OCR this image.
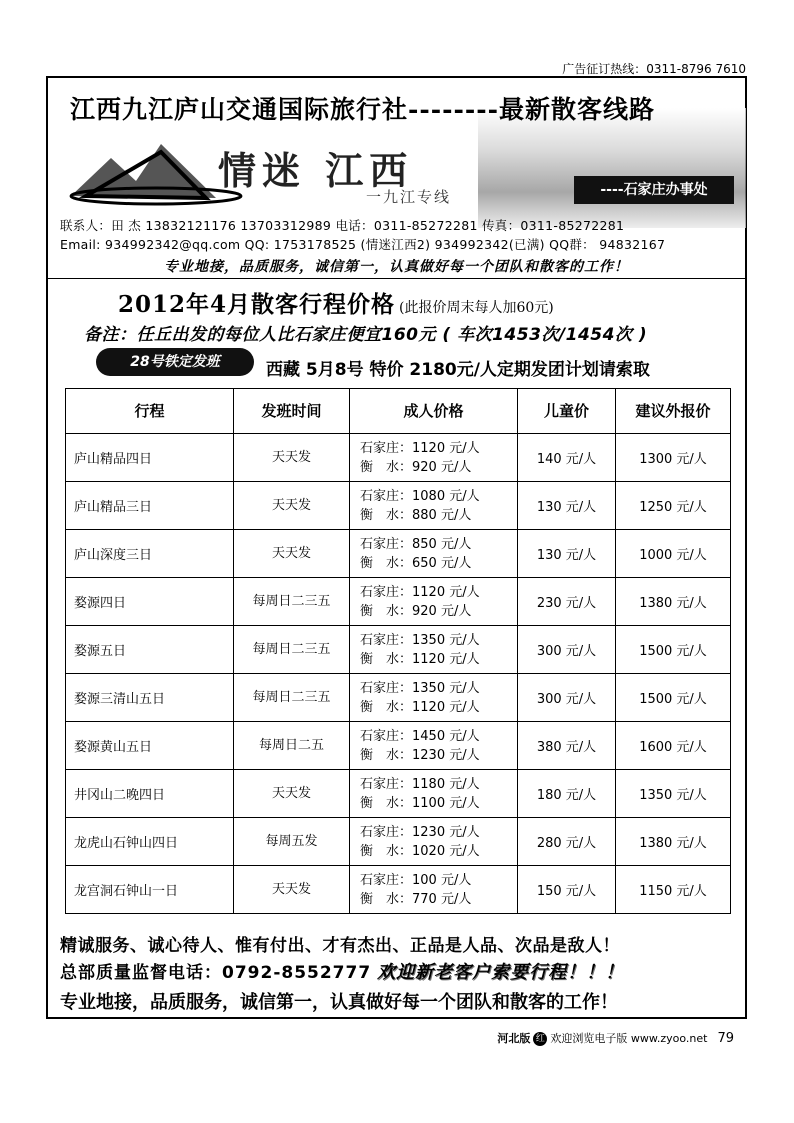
广告征订热线：0311-8796 7610
江西九江庐山交通国际旅行社--------最新散客线路
情迷 江西
一九江专线	----石家庄办事处
联系人：田 杰 13832121176 13703312989 电话：0311-85272281 传真：0311-85272281
Email: 934992342@qq.com QQ: 1753178525 (情迷江西2) 934992342(已满) QQ群： 94832167
专业地接，品质服务，诚信第一，认真做好每一个团队和散客的工作！
2012年4月散客行程价格 (此报价周末每人加60元)
备注：任丘出发的每位人比石家庄便宜160元 ( 车次1453次/1454次 )
28号铁定发班	西藏 5月8号 特价 2180元/人定期发团计划请索取
行程	发班时间	成人价格	儿童价	建议外报价
庐山精品四日	天天发	石家庄：1120 元/人
衡　水：920 元/人	140 元/人	1300 元/人
庐山精品三日	天天发	石家庄：1080 元/人
衡　水：880 元/人	130 元/人	1250 元/人
庐山深度三日	天天发	石家庄：850 元/人
衡　水：650 元/人	130 元/人	1000 元/人
婺源四日	每周日二三五	石家庄：1120 元/人
衡　水：920 元/人	230 元/人	1380 元/人
婺源五日	每周日二三五	石家庄：1350 元/人
衡　水：1120 元/人	300 元/人	1500 元/人
婺源三清山五日	每周日二三五	石家庄：1350 元/人
衡　水：1120 元/人	300 元/人	1500 元/人
婺源黄山五日	每周日二五	石家庄：1450 元/人
衡　水：1230 元/人	380 元/人	1600 元/人
井冈山二晚四日	天天发	石家庄：1180 元/人
衡　水：1100 元/人	180 元/人	1350 元/人
龙虎山石钟山四日	每周五发	石家庄：1230 元/人
衡　水：1020 元/人	280 元/人	1380 元/人
龙宫洞石钟山一日	天天发	石家庄：100 元/人
衡　水：770 元/人	150 元/人	1150 元/人
精诚服务、诚心待人、惟有付出、才有杰出、正品是人品、次品是敌人！
总部质量监督电话：0792-8552777 欢迎新老客户索要行程！！！
专业地接，品质服务，诚信第一，认真做好每一个团队和散客的工作！
河北版 红 欢迎浏览电子版 www.zyoo.net 79
